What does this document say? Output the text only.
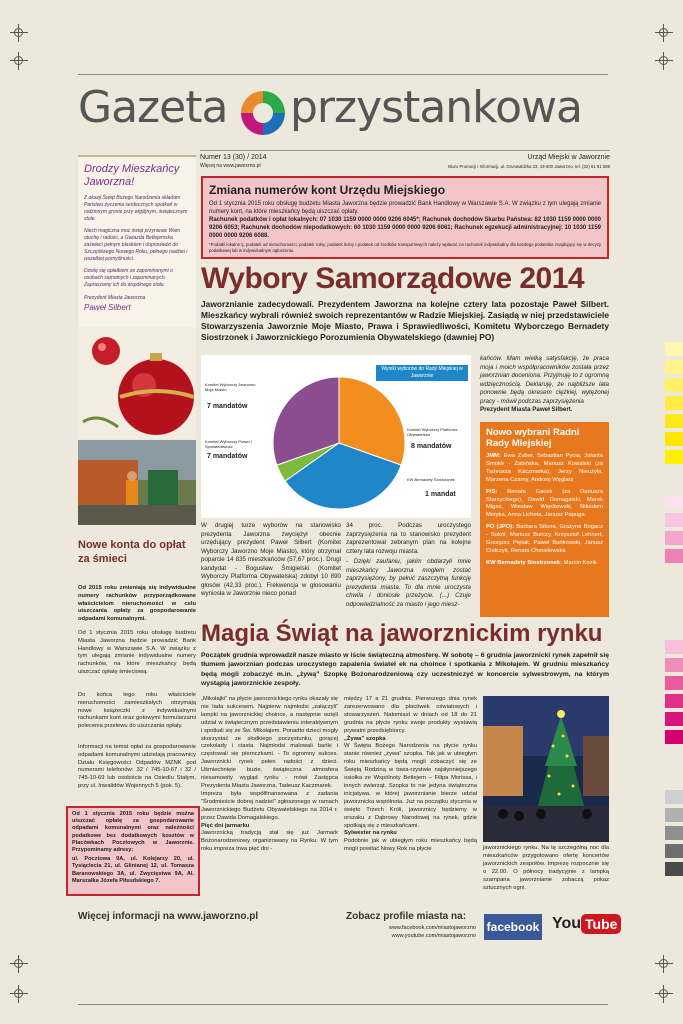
Gazeta przystankowa
Numer 13 (30) / 2014
Więcej na www.jaworzno.pl
Urząd Miejski w Jaworznie
Biuro Promocji i Informacji, ul. Grunwaldzka 33, 43-600 Jaworzno, tel. (32) 61 81 585
Drodzy Mieszkańcy Jaworzna!
Z okazji Świąt Bożego Narodzenia składam Państwu życzenia serdecznych spotkań w rodzinnym gronie przy wigilijnym, świątecznym stole.
Niech magiczna moc świąt przyniesie Wam otuchę i radość, a Gwiazda Betlejemska zaświeci pełnym blaskiem i doprowadzi do Szczęśliwego Nowego Roku, pełnego nadziei i wszelkiej pomyślności.
Dzielę się opłatkiem ze zapominanymi o osobach samotnych i zapominanych. Zapraszamy ich do wspólnego stołu.
Prezydent Miasta Jaworzna
Paweł Silbert
Zmiana numerów kont Urzędu Miejskiego
Od 1 stycznia 2015 roku obsługę budżetu Miasta Jaworzna będzie prowadzić Bank Handlowy w Warszawie S.A. W związku z tym ulegają zmianie numery kont, na które mieszkańcy będą uiszczać opłaty.
Rachunek podatków i opłat lokalnych: 07 1030 1159 0000 0000 9206 6045*; Rachunek dochodów Skarbu Państwa: 82 1030 1159 0000 0000 9206 6053; Rachunek dochodów niepodatkowych: 60 1030 1159 0000 0000 9206 6061; Rachunek egzekucji administracyjnej: 10 1030 1159 0000 0000 9206 6088.
*Podatki lokalne tj. podatek od nieruchomości, podatek rolny, podatek leśny i podatek od środków transportowych należy wpłacać na rachunek indywidualny dla każdego podatnika znajdujący się w decyzji podatkowej lub w indywidualnym ogłoszeniu.
Wybory Samorządowe 2014
Jaworznianie zadecydowali. Prezydentem Jaworzna na kolejne cztery lata pozostaje Paweł Silbert. Mieszkańcy wybrali również swoich reprezentantów w Radzie Miejskiej. Zasiądą w niej przedstawiciele Stowarzyszenia Jaworznie Moje Miasto, Prawa i Sprawiedliwości, Komitetu Wyborczego Bernadety Siostrzonek i Jaworznickiego Porozumienia Obywatelskiego (dawniej PO)
Wyniki wyborów do Rady Miejskiej w Jaworznie
Komitet Wyborczy Jaworzno Moje Miasto
7 mandatów
Komitet Wyborczy Prawo i Sprawiedliwość
7 mandatów
Komitet Wyborczy Platforma Obywatelska
8 mandatów
KW Bernadety Siostrzonek
1 mandat
W drugiej turze wyborów na stanowisko prezydenta Jaworzna zwyciężył obecnie urzędujący prezydent Paweł Silbert (Komitet Wyborczy Jaworzno Moje Miasto), który otrzymał poparcie 14 835 mieszkańców (57,67 proc.). Drugi kandydat - Bogusław Śmigielski (Komitet Wyborczy Platforma Obywatelska) zdobył 10 890 głosów (42,33 proc.). Frekwencja w głosowaniu wyniosła w Jaworznie nieco ponad
34 proc. Podczas uroczystego zaprzysiężenia na to stanowisko prezydent zaprezentował zebranym plan na kolejne cztery lata rozwoju miasta.
- Dzięki zaufaniu, jakim obdarzyli mnie mieszkańcy Jaworzna mogłem zostać zaprzysiężony, by pełnić zaszczytną funkcję prezydenta miasta. To dla mnie uroczysta chwila i doniosłe przeżycie. (...) Czuje odpowiedzialność za miasto i jego miesz-
kańców. Mam wielką satysfakcję, że praca moja i moich współpracowników została przez jaworznian doceniona. Przyjmuję to z ogromną wdzięcznością. Deklaruję, że najbliższe lata ponownie będą okresem ciężkiej, wytężonej pracy - mówił podczas zaprzysiężenia
Prezydent Miasta Paweł Silbert.
Nowo wybrani Radni Rady Miejskiej
JMM: Ewa Zuber, Sebastian Pycia, Jolanta Smolór - Żabińska, Mariusz Kowalski (za Tadeusza Kaczmarka), Jerzy Nieużyła, Marzena Czarny, Andrzej Węglarz
PiS: Renata Gacek (za Danusza Starzyckiego), Dawid Domagalski, Marek Migas, Wiesław Więckowski, Nikodem Motyka, Anna Lichota, Janusz Papuga
PO (JPO): Barbara Sikora, Grażyna Bogacz - Sokół, Mariusz Burczy, Krzysztof Lehnert, Grzegorz Piętak, Paweł Bańkowski, Janusz Ciołczyk, Renata Chmielewska
KW Bernadety Siostrzonek: Marcin Kozik
Nowe konta do opłat za śmieci
Od 2015 roku zmieniają się indywidualne numery rachunków przyporządkowane właścicielom nieruchomości w celu uiszczania opłaty za gospodarowanie odpadami komunalnymi.
Od 1 stycznia 2015 roku obsługę budżetu Miasta Jaworzna będzie prowadzić Bank Handlowy w Warszawie S.A. W związku z tym ulegają zmianie indywidualne numery rachunków, na które mieszkańcy będą uiszczać opłatę śmieciową.
Do końca tego roku właściciele nieruchomości zamieszkałych otrzymają nowe książeczki z indywidualnymi rachunkami kont oraz gotowymi formularzami polecenia przelewu do uiszczania opłaty.
Informacji na temat opłat za gospodarowanie odpadami komunalnymi udzielają pracownicy Działu Księgowości Odpadów MZNK pod numerami telefonów: 32 / 745-10-67 i 32 / 745-10-69 lub osobiście na Osiedlu Stałym, przy ul. Inwalidów Wojennych 5 (pok. 5).
Od 1 stycznia 2015 roku będzie można uiszczać opłatę za gospodarowanie odpadami komunalnymi oraz należności podatkowe bez dodatkowych kosztów w Placówkach Pocztowych w Jaworznie. Przypominamy adresy:
ul. Pocztowa 9A, ul. Kolejarzy 20, ul. Tysiąclecia 21, ul. Glinianej 12, ul. Tomasza Baranowskiego 3A, ul. Zwycięstwa 9A, Al. Marszałka Józefa Piłsudskiego 7.
Magia Świąt na jaworznickim rynku
Początek grudnia wprowadził nasze miasto w iście świąteczną atmosferę. W sobotę – 6 grudnia jaworznicki rynek zapełnił się tłumem jaworznian podczas uroczystego zapalenia świateł ek na choince i spotkania z Mikołajem. W grudniu mieszkańcy będą mogli zobaczyć m.in. „żywą” Szopkę Bożonarodzeniową czy uczestniczyć w koncercie sylwestrowym, na którym wystąpią jaworznickie zespoły.
„Mikołajki” na płycie jaworznickiego rynku okazały się nie lada sukcesem. Najpierw najmłodsi „załączyli” lampki na jaworznickiej choince, a następnie wzięli udział w świątecznym przedstawieniu interaktywnym i spotkali się ze Św. Mikołajem. Ponadto dzieci mogły skorzystać ze słodkiego poczęstunku, gorącej czekolady i ciasta. Najmłodsi malowali bańki i częstowali się piernczkami. - To ogromny sukces. Jaworznicki rynek pełen radości z dzieci. Uśmiechnięte buzie, świąteczna atmosfera niesamowity wygląd rynku - mówi Zastępca Prezydenta Miasta Jaworzna, Tadeusz Kaczmarek.
Impreza była współfinansowana z zadania "Środmieście dobrej nadziei" zgłoszonego w ramach Jaworznickiego Budżetu Obywatelskiego na 2014 r. przez Dawida Domagalskiego.
Pięć dni jarmarku
Jaworznicką tradycją stał się już Jarmark Bożonarodzeniowy organizowany na Rynku. W tym roku impreza trwa pięć dni -
między 17 a 21 grudnia. Pierwszego dnia rynek zarezerwowano dla placówek oświatowych i stowarzyszeń. Natomiast w dniach od 18 do 21 grudnia na płycie rynku swoje produkty wystawią prywatni przedsiębiorcy.
„Żywa” szopka
W Święta Bożego Narodzenia na płycie rynku stanie również „żywa” szopka. Tak jak w ubiegłym roku mieszkańcy będą mogli zobaczyć się ze Świętą Rodziną w towa-rzystwie najsłynniejszego osiołka ze Wspólnoty Betlejem – Filipa Morissa, i innych zwierząt. Szopka to nie jedyna świąteczna inicjatywa, w której jaworznianie bierze udział jaworznicka wspólnota. Już na początku stycznia w święto Trzech Króli, jaworznicy będziemy w orszaku z Dąbrowy Narodowej na rynek, gdzie spotkają się z mieszkańcami.
Sylwester na rynku
Podobnie jak w ubiegłym roku mieszkańcy będą mogli powitać Nowy Rok na płycie	jaworznickiego rynku. Na tę szczególną noc dla mieszkańców przygotowano ofertę koncertów jaworznickich zespołów. Imprezę rozpocznie się o 22.00. O północy tradycyjnie z lampką szampana jaworznianie zobaczą pokaz sztucznych ogni.
Więcej informacji na www.jaworzno.pl	Zobacz profile miasta na:
www.facebook.com/miastojaworzno
www.youtube.com/miastojaworzno
facebook You Tube
